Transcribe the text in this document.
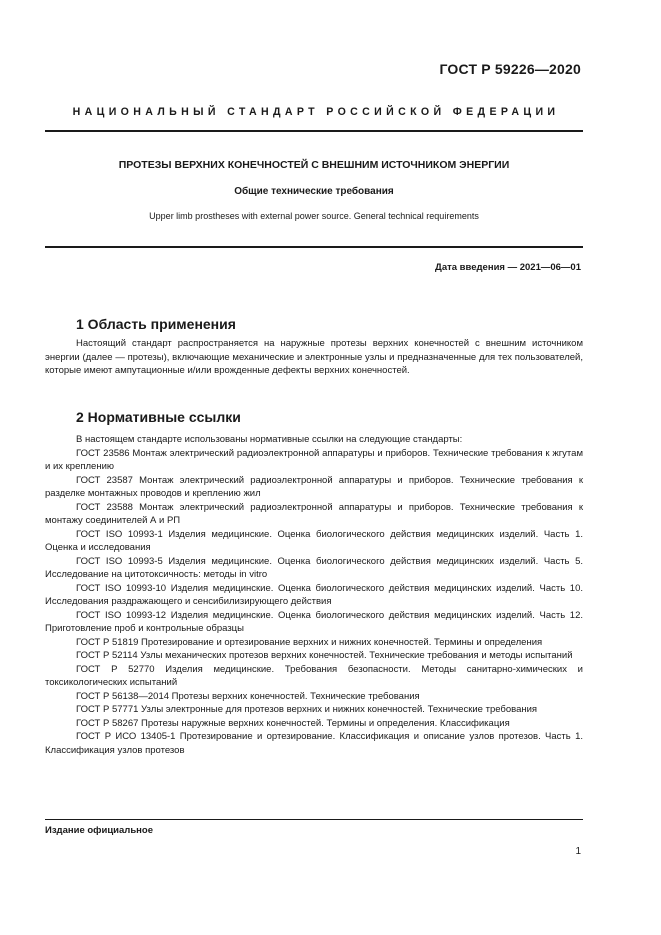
ГОСТ Р 59226—2020
НАЦИОНАЛЬНЫЙ СТАНДАРТ РОССИЙСКОЙ ФЕДЕРАЦИИ
ПРОТЕЗЫ ВЕРХНИХ КОНЕЧНОСТЕЙ С ВНЕШНИМ ИСТОЧНИКОМ ЭНЕРГИИ
Общие технические требования
Upper limb prostheses with external power source. General technical requirements
Дата введения — 2021—06—01
1 Область применения
Настоящий стандарт распространяется на наружные протезы верхних конечностей с внешним источником энергии (далее — протезы), включающие механические и электронные узлы и предназначенные для тех пользователей, которые имеют ампутационные и/или врожденные дефекты верхних конечностей.
2 Нормативные ссылки
В настоящем стандарте использованы нормативные ссылки на следующие стандарты:
ГОСТ 23586 Монтаж электрический радиоэлектронной аппаратуры и приборов. Технические требования к жгутам и их креплению
ГОСТ 23587 Монтаж электрический радиоэлектронной аппаратуры и приборов. Технические требования к разделке монтажных проводов и креплению жил
ГОСТ 23588 Монтаж электрический радиоэлектронной аппаратуры и приборов. Технические требования к монтажу соединителей А и РП
ГОСТ ISO 10993-1 Изделия медицинские. Оценка биологического действия медицинских изделий. Часть 1. Оценка и исследования
ГОСТ ISO 10993-5 Изделия медицинские. Оценка биологического действия медицинских изделий. Часть 5. Исследование на цитотоксичность: методы in vitro
ГОСТ ISO 10993-10 Изделия медицинские. Оценка биологического действия медицинских изделий. Часть 10. Исследования раздражающего и сенсибилизирующего действия
ГОСТ ISO 10993-12 Изделия медицинские. Оценка биологического действия медицинских изделий. Часть 12. Приготовление проб и контрольные образцы
ГОСТ Р 51819 Протезирование и ортезирование верхних и нижних конечностей. Термины и определения
ГОСТ Р 52114 Узлы механических протезов верхних конечностей. Технические требования и методы испытаний
ГОСТ Р 52770 Изделия медицинские. Требования безопасности. Методы санитарно-химических и токсикологических испытаний
ГОСТ Р 56138—2014 Протезы верхних конечностей. Технические требования
ГОСТ Р 57771 Узлы электронные для протезов верхних и нижних конечностей. Технические требования
ГОСТ Р 58267 Протезы наружные верхних конечностей. Термины и определения. Классификация
ГОСТ Р ИСО 13405-1 Протезирование и ортезирование. Классификация и описание узлов протезов. Часть 1. Классификация узлов протезов
Издание официальное
1
